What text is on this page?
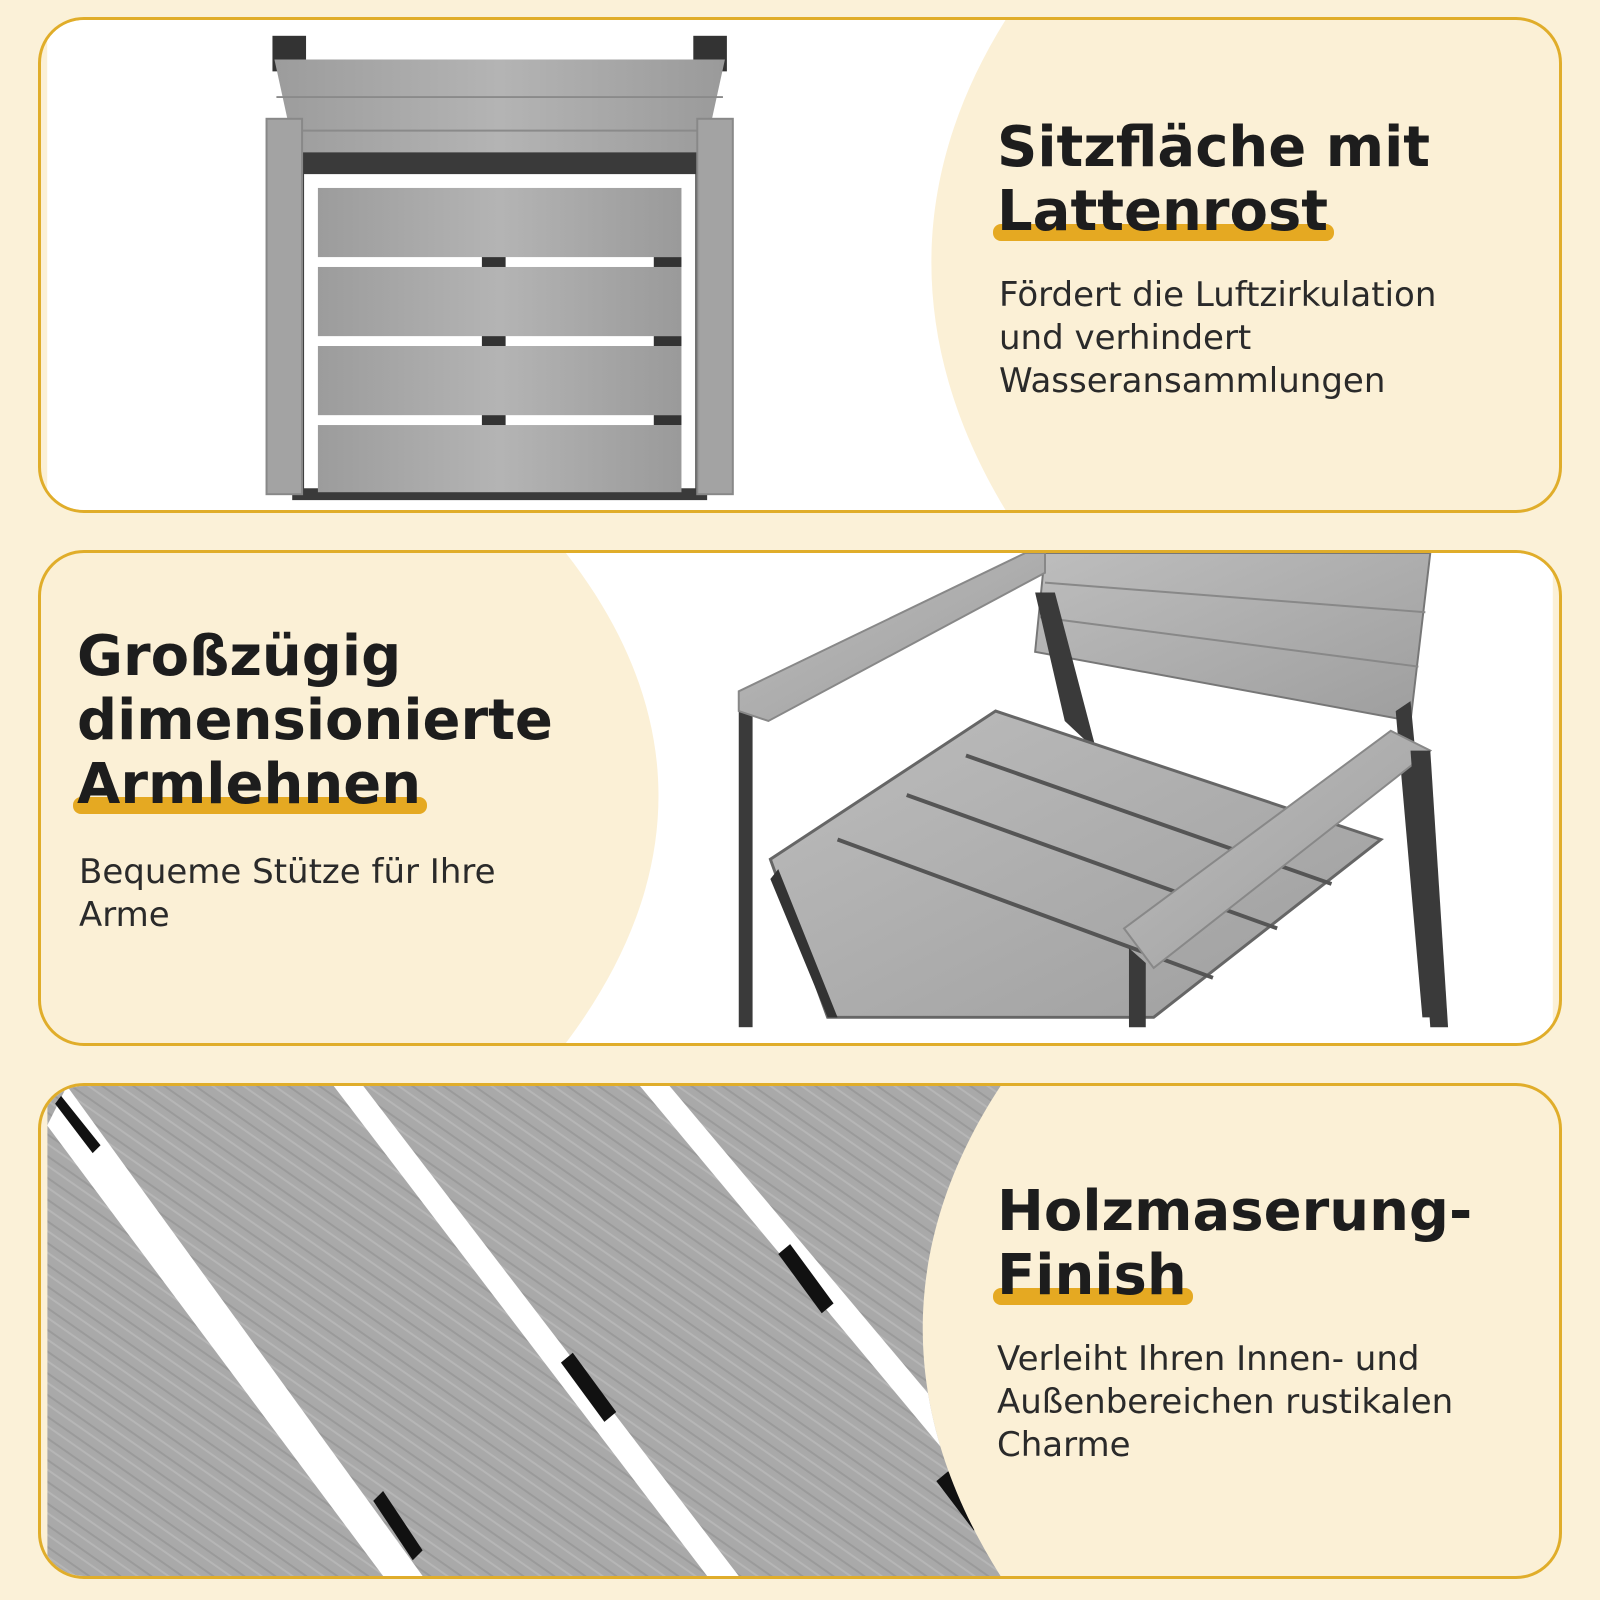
Sitzfläche mit
Lattenrost

Fördert die Luftzirkulation und verhindert Wasseransammlungen

Großzügig
dimensionierte
Armlehnen

Bequeme Stütze für Ihre Arme

Holzmaserung-
Finish

Verleiht Ihren Innen- und Außenbereichen rustikalen Charme
